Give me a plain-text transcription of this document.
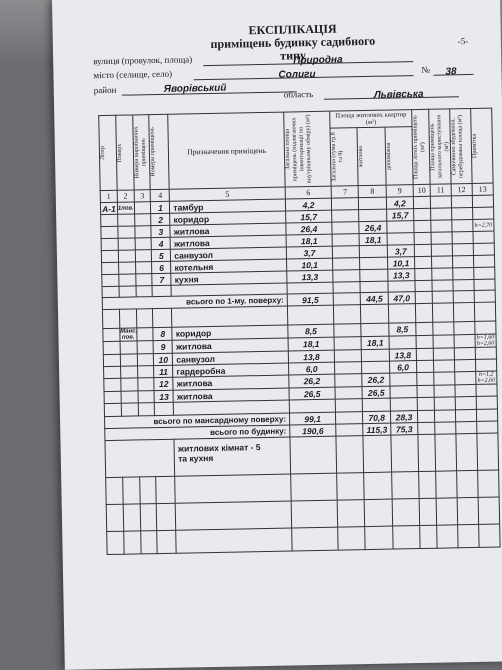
-5-
ЕКСПЛІКАЦІЯ
приміщень будинку садибного типу
вулиця (провулок, площа)	Природна
місто (селище, село)	Солиги	№ 38
район	Яворівський	область	Львівська
Літер	Поверх	Номери виробничих приміщень	Номери приміщень	Призначення приміщень	Загальна площа приміщень (підлягаючих інвентаризації по внутрішньому обміру) (м²)	Площа житлових квартир (м²)			Площа літніх приміщень (м²)	Площа приміщень загального користування (м²)	Самочинно збудована, перебудована площа (м²)	Примітка

						Загальна (сума гр.8 та 9)	житлова	допоміжна				

1	2	3	4	5	6	7	8	9	10	11	12	13
А-1	1пов.		1	тамбур	4,2			4,2				
			2	коридор	15,7			15,7				
			3	житлова	26,4		26,4					h=2,70
			4	житлова	18,1		18,1					
			5	санвузол	3,7			3,7				
			6	котельня	10,1			10,1				
			7	кухня	13,3			13,3				

всього по 1-му. поверху:					91,5		44,5	47,0				

	Манс. пов.		8	коридор	8,5			8,5				
			9	житлова	18,1		18,1					h=1,60 h=2,60
			10	санвузол	13,8			13,8				
			11	гардеробна	6,0			6,0				
			12	житлова	26,2		26,2					h=1,2 h=2,60
			13	житлова	26,5		26,5					

всього по мансардному поверху:					99,1		70,8	28,3				
всього по будинку:					190,6		115,3	75,3				

				житлових кімнат - 5
та кухня								
